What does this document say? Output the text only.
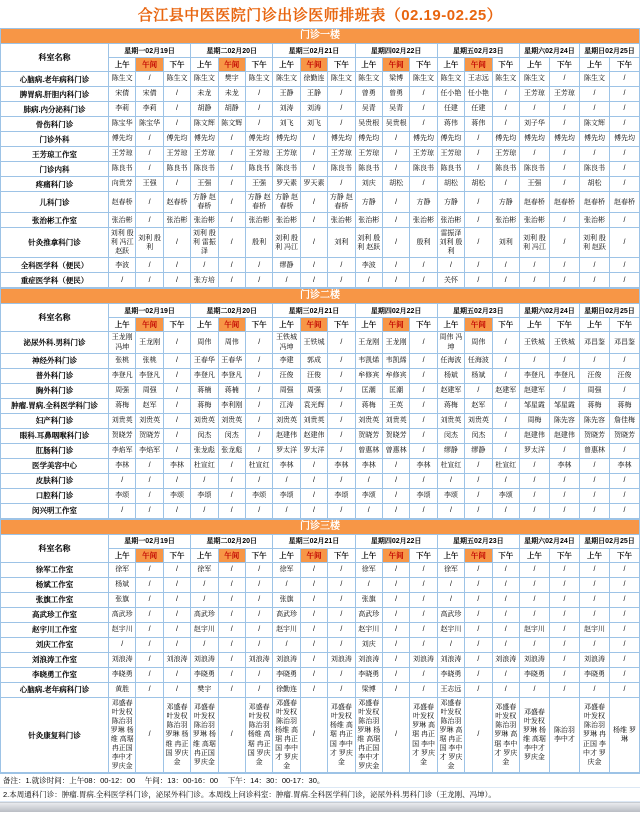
合江县中医医院门诊出诊医师排班表（02.19-02.25）
门诊一楼
科室名称	星期一02月19日			星期二02月20日			星期三02月21日			星期四02月22日			星期五02月23日			星期六02月24日		星期日02月25日	
	上午	午间	下午	上午	午间	下午	上午	午间	下午	上午	午间	下午	上午	午间	下午	上午	下午	上午	下午
心脑病.老年病科门诊	陈生文	/	陈生文	陈生文	樊宇	陈生文	陈生文	徐勤连	陈生文	陈生文	梁博	陈生文	陈生文	王志远	陈生文	陈生文	/	陈生文	/
脾胃病.肝胆内科门诊	宋倩	宋倩	/	未龙	未龙	/	王静	王静	/	曾勇	曾勇	/	任小艳	任小艳	/	王芳琼	王芳琼	/	/
肺病.内分泌科门诊	李莉	李莉	/	胡静	胡静	/	刘涛	刘涛	/	吴青	吴青	/	任建	任建	/	/	/	/	/
骨伤科门诊	陈宝华	陈宝华	/	陈文辉	陈文辉	/	刘飞	刘飞	/	吴贵根	吴贵根	/	蒋伟	蒋伟	/	刘子华	/	陈文辉	/
门诊外科	傅先均	/	傅先均	傅先均	/	傅先均	傅先均	/	傅先均	傅先均	/	傅先均	傅先均	/	傅先均	傅先均	傅先均	傅先均	傅先均
王芳琼工作室	王芳琼	/	王芳琼	王芳琼	/	王芳琼	王芳琼	/	王芳琼	王芳琼	/	王芳琼	王芳琼	/	王芳琼	/	/	/	/
门诊内科	陈良书	/	陈良书	陈良书	/	陈良书	陈良书	/	陈良书	陈良书	/	陈良书	陈良书	/	陈良书	陈良书	/	陈良书	/
疼痛科门诊	向贵芳	王强	/	王强	/	王强	罗天素	罗天素	/	刘庆	胡松	/	胡松	胡松	/	王强	/	胡松	/
儿科门诊	赵春桥	/	赵春桥	方静 赵春桥	/	方静 赵春桥	方静 赵春桥	/	方静 赵春桥	方静	/	方静	方静	/	方静	赵春桥	赵春桥	赵春桥	赵春桥
张治彬工作室	张治彬	/	张治彬	张治彬	/	张治彬	张治彬	/	张治彬	张治彬	/	张治彬	张治彬	/	张治彬	张治彬	/	张治彬	/
针灸推拿科门诊	刘利 殷利 冯江 赵跃	刘利 殷利	/	刘利 殷利 雷振泽	/	殷利	刘利 殷利 冯江	/	刘利	刘利 殷利 赵跃	/	殷利	雷振泽 刘利 殷利	/	刘利	刘利 殷利 冯江	/	刘利 殷利 赵跃	/
全科医学科（便民）	李波	/	/	/	/	/	缪静	/	/	李波	/	/	/	/	/	/	/	/	/
重症医学科（便民）	/	/	/	张方培	/	/	/	/	/	/	/	/	关怀	/	/	/	/	/	/
门诊二楼
科室名称	星期一02月19日			星期二02月20日			星期三02月21日			星期四02月22日			星期五02月23日			星期六02月24日		星期日02月25日	
	上午	午间	下午	上午	午间	下午	上午	午间	下午	上午	午间	下午	上午	午间	下午	上午	下午	上午	下午
泌尿外科.男科门诊	王龙刚 冯坤	王龙刚	/	周伟	周伟	/	王铁城 冯坤	王铁城	/	王龙刚	王龙刚	/	周伟 冯坤	周伟	/	王铁城	王铁城	邓昌鉴	邓昌鉴
神经外科门诊	张桃	张桃	/	王春华	王春华	/	李建	郭成	/	韦凯烯	韦凯烯	/	任海波	任海波	/	/	/	/	/
普外科门诊	李登凡	李登凡	/	李登凡	李登凡	/	汪俊	汪俊	/	牟修宾	牟修宾	/	杨斌	杨斌	/	李登凡	李登凡	汪俊	汪俊
胸外科门诊	周强	周强	/	蒋楠	蒋楠	/	周强	周强	/	匡潮	匡潮	/	赵建军	/	赵建军	赵建军	/	周强	/
肿瘤.胃病.全科医学科门诊	蒋梅	赵军	/	蒋梅	李利刚	/	江涛	袁光辉	/	蒋梅	王英	/	蒋梅	赵军	/	邹星霞	邹星霞	蒋梅	蒋梅
妇产科门诊	刘贵英	刘贵英	/	刘贵英	刘贵英	/	刘贵英	刘贵英	/	刘贵英	刘贵英	/	刘贵英	刘贵英	/	周梅	陈先容	陈先容	詹佳梅
眼科.耳鼻咽喉科门诊	贺晓芳	贺晓芳	/	闵杰	闵杰	/	赵建伟	赵建伟	/	贺晓芳	贺晓芳	/	闵杰	闵杰	/	赵建伟	赵建伟	贺晓芳	贺晓芳
肛肠科门诊	李焰军	李焰军	/	张龙彪	张龙彪	/	罗太洋	罗太洋	/	曾惠林	曾惠林	/	缪静	缪静	/	罗太洋	/	曾惠林	/
医学美容中心	李林	/	李林	杜宣红	/	杜宣红	李林	/	李林	李林	/	李林	杜宣红	/	杜宣红	/	李林	/	李林
皮肤科门诊	/	/	/	/	/	/	/	/	/	/	/	/	/	/	/	/	/	/	/
口腔科门诊	李颂	/	李颂	李颂	/	李颂	李颂	/	李颂	李颂	/	李颂	李颂	/	李颂	/	/	/	/
闵兴明工作室	/	/	/	/	/	/	/	/	/	/	/	/	/	/	/	/	/	/	/
门诊三楼
科室名称	星期一02月19日			星期二02月20日			星期三02月21日			星期四02月22日			星期五02月23日			星期六02月24日		星期日02月25日	
	上午	午间	下午	上午	午间	下午	上午	午间	下午	上午	午间	下午	上午	午间	下午	上午	下午	上午	下午
徐军工作室	徐军	/	/	徐军	/	/	徐军	/	/	徐军	/	/	徐军	/	/	/	/	/	/
杨斌工作室	杨斌	/	/	/	/	/	/	/	/	/	/	/	/	/	/	/	/	/	/
张旗工作室	张旗	/	/	/	/	/	张旗	/	/	张旗	/	/	/	/	/	/	/	/	/
高武珍工作室	高武珍	/	/	高武珍	/	/	高武珍	/	/	高武珍	/	/	高武珍	/	/	/	/	/	/
赵宇川工作室	赵宇川	/	/	赵宇川	/	/	赵宇川	/	/	赵宇川	/	/	赵宇川	/	/	赵宇川	/	赵宇川	/
刘庆工作室	/	/	/	/	/	/	/	/	/	刘庆	/	/	/	/	/	/	/	/	/
刘浪涛工作室	刘浪涛	/	刘浪涛	刘浪涛	/	刘浪涛	刘浪涛	/	刘浪涛	刘浪涛	/	刘浪涛	刘浪涛	/	刘浪涛	刘浪涛	/	刘浪涛	/
李晓勇工作室	李晓勇	/	/	李晓勇	/	/	李晓勇	/	/	李晓勇	/	/	李晓勇	/	/	李晓勇	/	李晓勇	/
心脑病.老年病科门诊	黄胜	/	/	樊宇	/	/	徐勤连	/	/	梁博	/	/	王志远	/	/	/	/	/	/
针灸康复科门诊	邓盛春 叶发权 陈治羽 罗琳 杨维 高琚 冉正国 李中才 罗庆金	/	邓盛春 叶发权 陈治羽 罗琳 杨维 冉正国 罗庆金	邓盛春 叶发权 陈治羽 罗琳 杨维 高琚 冉正国 罗庆金	/	邓盛春 叶发权 陈治羽 杨维 高琚 冉正国 罗庆金	邓盛春 叶发权 陈治羽 杨维 高琚 冉正国 李中才 罗庆金	/	邓盛春 叶发权 杨维 高琚 冉正国 李中才 罗庆金	邓盛春 叶发权 陈治羽 罗琳 杨维 高琚 冉正国 李中才 罗庆金	/	邓盛春 叶发权 罗琳 高琚 冉正国 李中才 罗庆金	邓盛春 叶发权 陈治羽 罗琳 高琚 冉正国 李中才 罗庆金	/	邓盛春 叶发权 陈治羽 罗琳 高琚 李中才 罗庆金	邓盛春 叶发权 罗琳 杨维 高琚 李中才 罗庆金	陈治羽 李中才	邓盛春 叶发权 陈治羽 罗琳 冉正国 李中才 罗庆金	杨维 罗琳
备注：1.就诊时间：上午08：00-12：00　 午间：13：00-16：00　 下午：14：30：00-17：30。
2.本周通科门诊：肿瘤.胃病.全科医学科门诊，泌尿外科门诊。本周线上问诊科室：肿瘤.胃病.全科医学科门诊，泌尿外科.男科门诊（王龙刚、冯坤）。
